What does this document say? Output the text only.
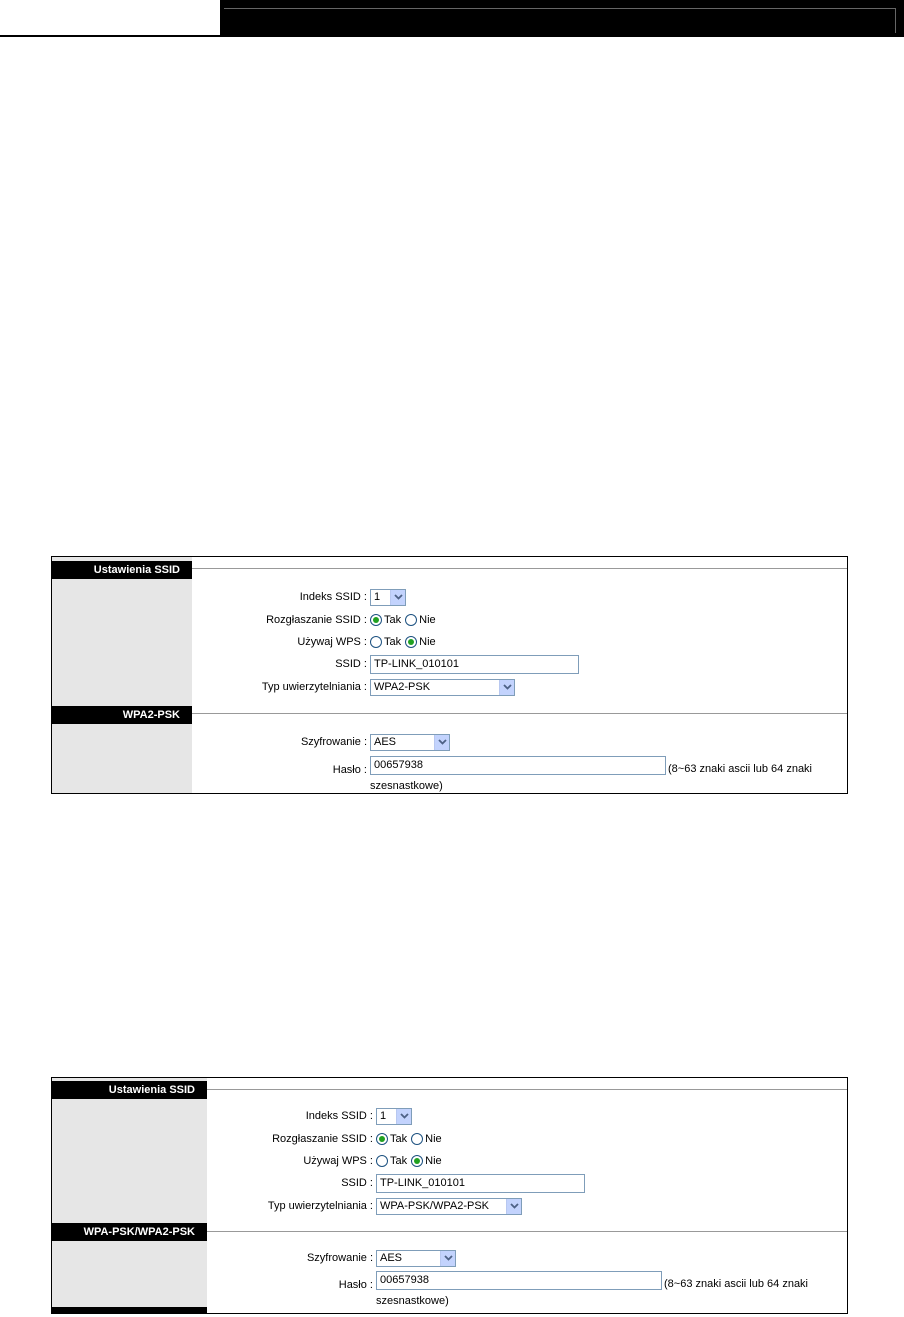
Ustawienia SSID
Indeks SSID : 1
Rozgłaszanie SSID : Tak Nie
Używaj WPS : Tak Nie
SSID : TP-LINK_010101
Typ uwierzytelniania : WPA2-PSK
WPA2-PSK
Szyfrowanie : AES
Hasło : 00657938	(8~63 znaki ascii lub 64 znaki
szesnastkowe)
Ustawienia SSID
Indeks SSID : 1
Rozgłaszanie SSID : Tak Nie
Używaj WPS : Tak Nie
SSID : TP-LINK_010101
Typ uwierzytelniania : WPA-PSK/WPA2-PSK
WPA-PSK/WPA2-PSK
Szyfrowanie : AES
Hasło : 00657938	(8~63 znaki ascii lub 64 znaki
szesnastkowe)
